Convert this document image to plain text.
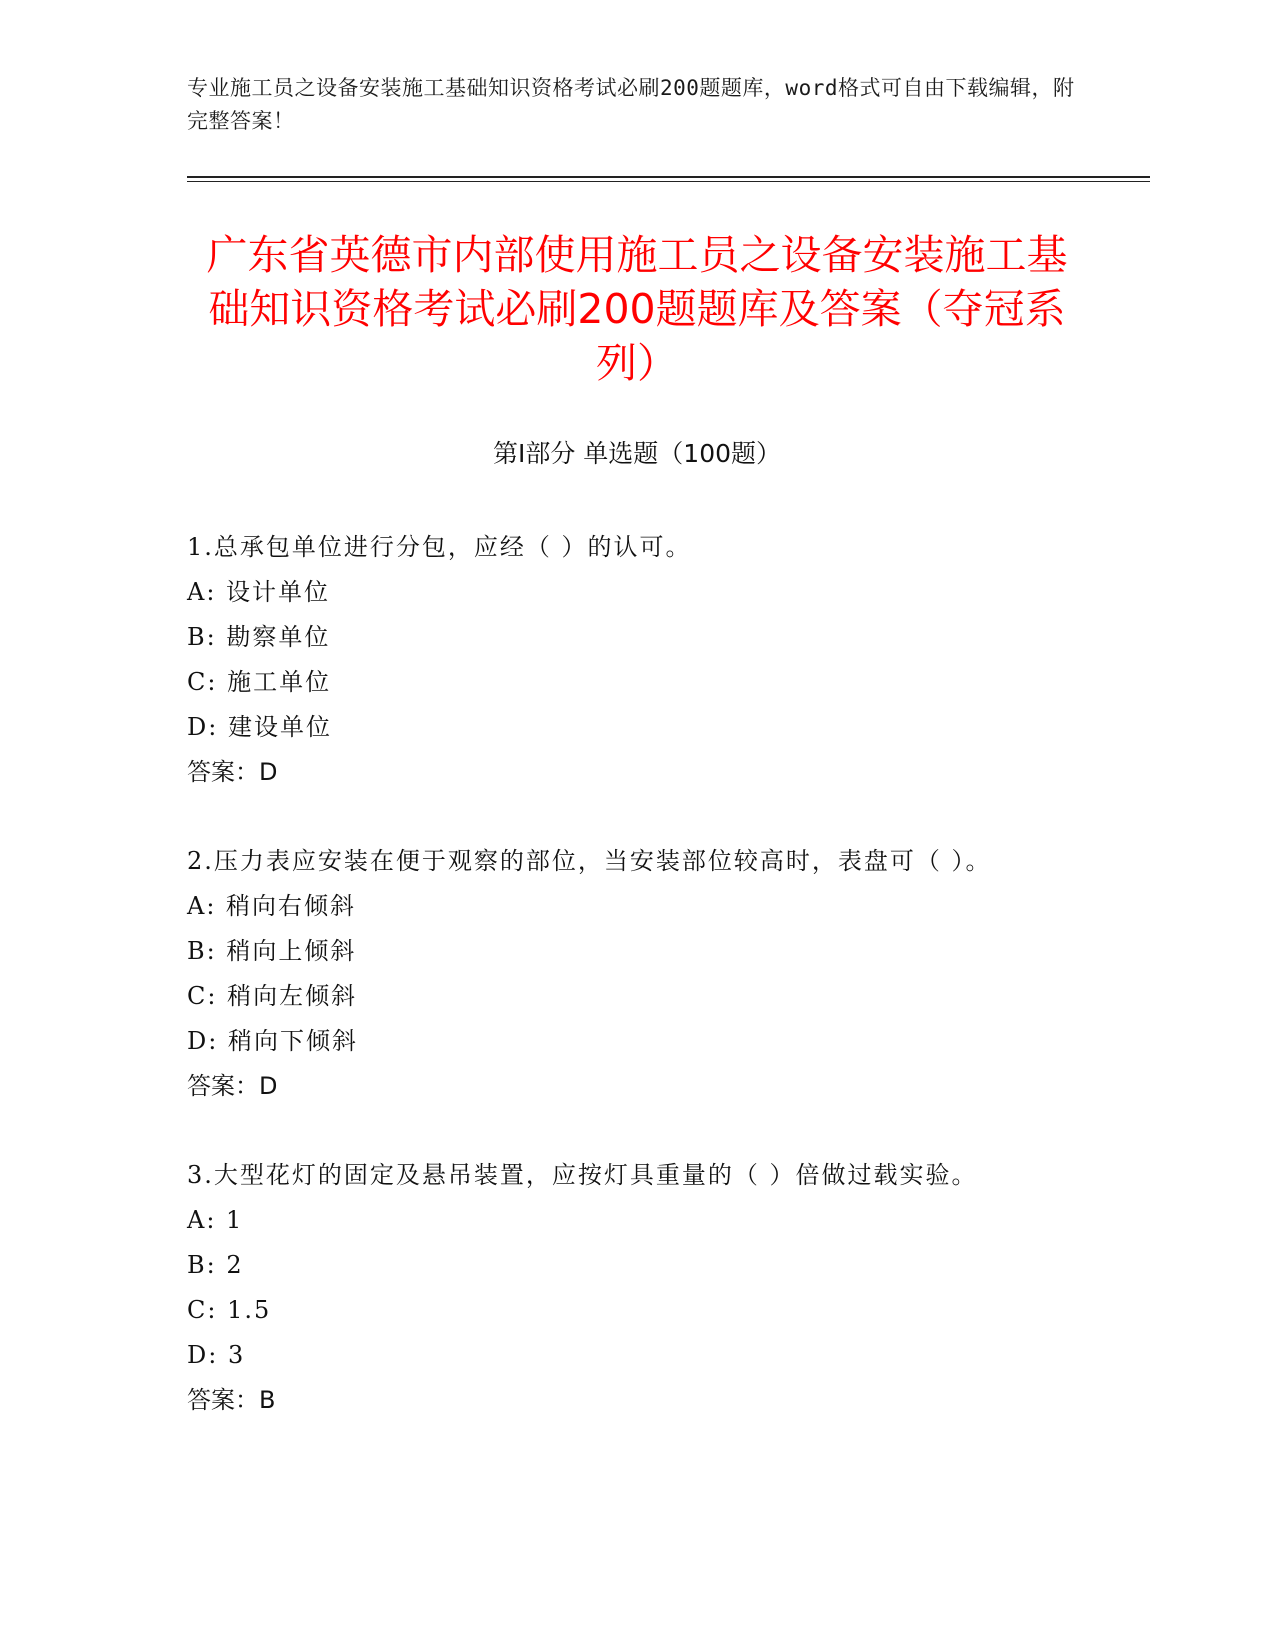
专业施工员之设备安装施工基础知识资格考试必刷200题题库，word格式可自由下载编辑，附完整答案！
广东省英德市内部使用施工员之设备安装施工基础知识资格考试必刷200题题库及答案（夺冠系列）
第Ⅰ部分 单选题（100题）
1.总承包单位进行分包，应经（ ）的认可。
A: 设计单位
B: 勘察单位
C: 施工单位
D: 建设单位
答案：D
2.压力表应安装在便于观察的部位，当安装部位较高时，表盘可（ ）。
A: 稍向右倾斜
B: 稍向上倾斜
C: 稍向左倾斜
D: 稍向下倾斜
答案：D
3.大型花灯的固定及悬吊装置，应按灯具重量的（ ）倍做过载实验。
A: 1
B: 2
C: 1.5
D: 3
答案：B
